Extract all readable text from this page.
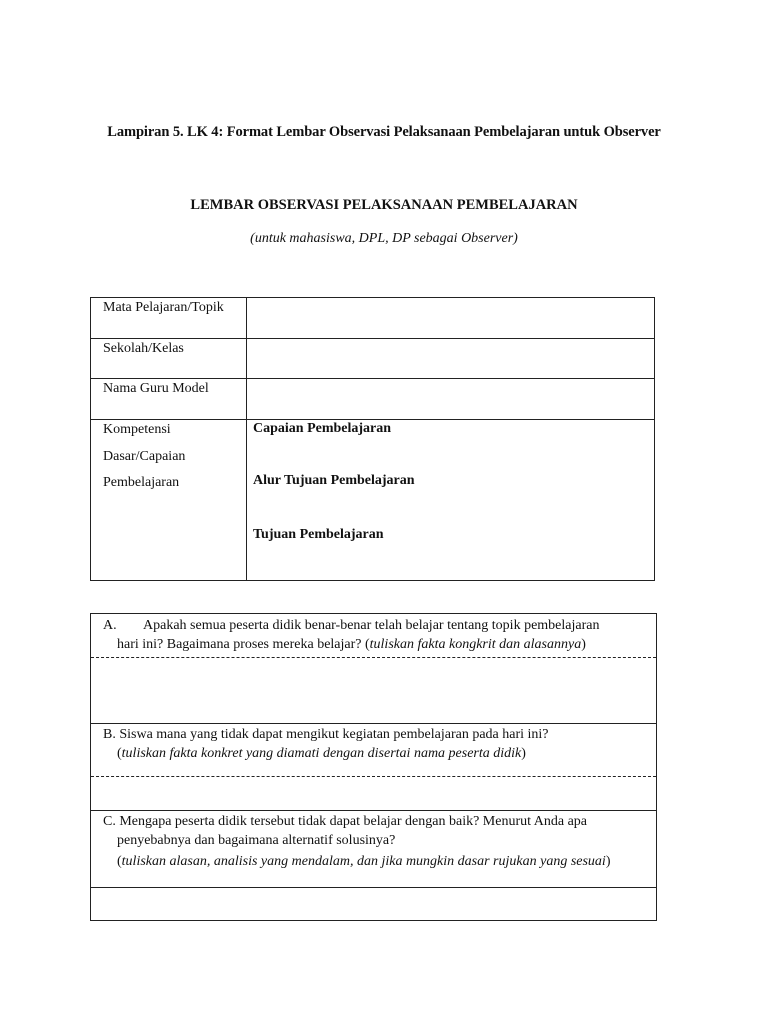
Lampiran 5. LK 4: Format Lembar Observasi Pelaksanaan Pembelajaran untuk Observer
LEMBAR OBSERVASI PELAKSANAAN PEMBELAJARAN
(untuk mahasiswa, DPL, DP sebagai Observer)
Mata Pelajaran/Topik
Sekolah/Kelas
Nama Guru Model
Kompetensi
Dasar/Capaian
Pembelajaran
Capaian Pembelajaran
Alur Tujuan Pembelajaran
Tujuan Pembelajaran
A. Apakah semua peserta didik benar-benar telah belajar tentang topik pembelajaran
hari ini? Bagaimana proses mereka belajar? (tuliskan fakta kongkrit dan alasannya)
B. Siswa mana yang tidak dapat mengikut kegiatan pembelajaran pada hari ini?
(tuliskan fakta konkret yang diamati dengan disertai nama peserta didik)
C. Mengapa peserta didik tersebut tidak dapat belajar dengan baik? Menurut Anda apa
penyebabnya dan bagaimana alternatif solusinya?
(tuliskan alasan, analisis yang mendalam, dan jika mungkin dasar rujukan yang sesuai)
